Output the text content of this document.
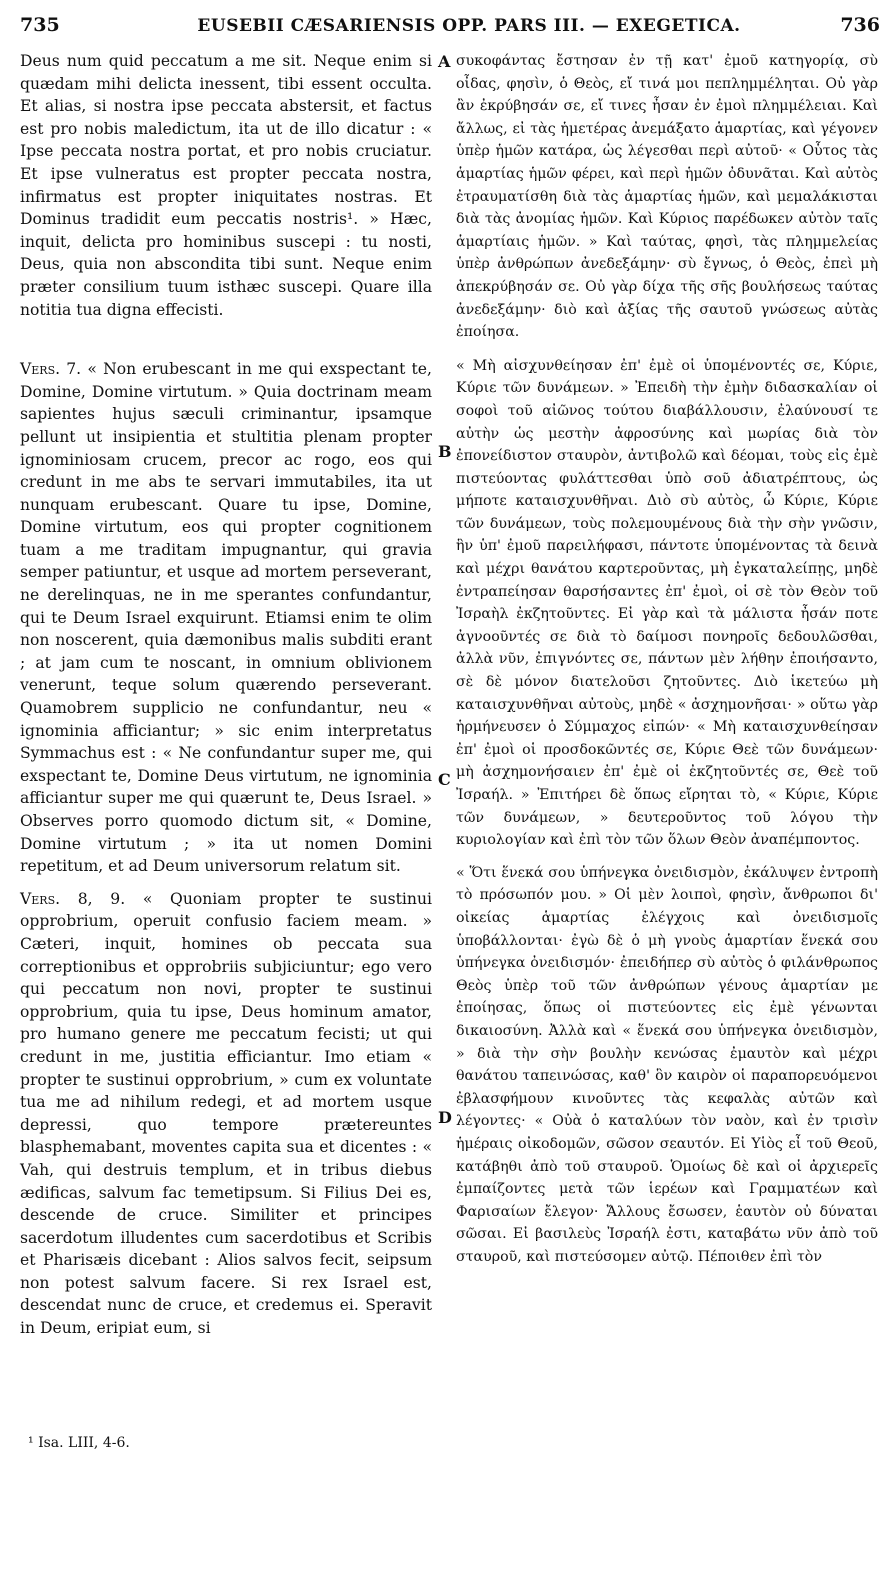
735	EUSEBII CÆSARIENSIS OPP. PARS III. — EXEGETICA.	736

Deus num quid peccatum a me sit. Neque enim si quædam mihi delicta inessent, tibi essent occulta. Et alias, si nostra ipse peccata abstersit, et factus est pro nobis maledictum, ita ut de illo dicatur : « Ipse peccata nostra portat, et pro nobis cruciatur. Et ipse vulneratus est propter peccata nostra, infirmatus est propter iniquitates nostras. Et Dominus tradidit eum peccatis nostris¹. » Hæc, inquit, delicta pro hominibus suscepi : tu nosti, Deus, quia non abscondita tibi sunt. Neque enim præter consilium tuum isthæc suscepi. Quare illa notitia tua digna effecisti.

Vers. 7. « Non erubescant in me qui exspectant te, Domine, Domine virtutum. » Quia doctrinam meam sapientes hujus sæculi criminantur, ipsamque pellunt ut insipientia et stultitia plenam propter ignominiosam crucem, precor ac rogo, eos qui credunt in me abs te servari immutabiles, ita ut nunquam erubescant. Quare tu ipse, Domine, Domine virtutum, eos qui propter cognitionem tuam a me traditam impugnantur, qui gravia semper patiuntur, et usque ad mortem perseverant, ne derelinquas, ne in me sperantes confundantur, qui te Deum Israel exquirunt. Etiamsi enim te olim non noscerent, quia dæmonibus malis subditi erant ; at jam cum te noscant, in omnium oblivionem venerunt, teque solum quærendo perseverant. Quamobrem supplicio ne confundantur, neu « ignominia afficiantur; » sic enim interpretatus Symmachus est : « Ne confundantur super me, qui exspectant te, Domine Deus virtutum, ne ignominia afficiantur super me qui quærunt te, Deus Israel. » Observes porro quomodo dictum sit, « Domine, Domine virtutum ; » ita ut nomen Domini repetitum, et ad Deum universorum relatum sit.

Vers. 8, 9. « Quoniam propter te sustinui opprobrium, operuit confusio faciem meam. » Cæteri, inquit, homines ob peccata sua correptionibus et opprobriis subjiciuntur; ego vero qui peccatum non novi, propter te sustinui opprobrium, quia tu ipse, Deus hominum amator, pro humano genere me peccatum fecisti; ut qui credunt in me, justitia efficiantur. Imo etiam « propter te sustinui opprobrium, » cum ex voluntate tua me ad nihilum redegi, et ad mortem usque depressi, quo tempore prætereuntes blasphemabant, moventes capita sua et dicentes : « Vah, qui destruis templum, et in tribus diebus ædificas, salvum fac temetipsum. Si Filius Dei es, descende de cruce. Similiter et principes sacerdotum illudentes cum sacerdotibus et Scribis et Pharisæis dicebant : Alios salvos fecit, seipsum non potest salvum facere. Si rex Israel est, descendat nunc de cruce, et credemus ei. Speravit in Deum, eripiat eum, si

A
B
C
D

συκοφάντας ἔστησαν ἐν τῇ κατ' ἐμοῦ κατηγορίᾳ, σὺ οἶδας, φησὶν, ὁ Θεὸς, εἴ τινά μοι πεπλημμέληται. Οὐ γὰρ ἂν ἐκρύβησάν σε, εἴ τινες ἦσαν ἐν ἐμοὶ πλημμέλειαι. Καὶ ἄλλως, εἰ τὰς ἡμετέρας ἀνεμάξατο ἁμαρτίας, καὶ γέγονεν ὑπὲρ ἡμῶν κατάρα, ὡς λέγεσθαι περὶ αὐτοῦ· « Οὗτος τὰς ἁμαρτίας ἡμῶν φέρει, καὶ περὶ ἡμῶν ὀδυνᾶται. Καὶ αὐτὸς ἐτραυματίσθη διὰ τὰς ἁμαρτίας ἡμῶν, καὶ μεμαλάκισται διὰ τὰς ἀνομίας ἡμῶν. Καὶ Κύριος παρέδωκεν αὐτὸν ταῖς ἁμαρτίαις ἡμῶν. » Καὶ ταύτας, φησὶ, τὰς πλημμελείας ὑπὲρ ἀνθρώπων ἀνεδεξάμην· σὺ ἔγνως, ὁ Θεὸς, ἐπεὶ μὴ ἀπεκρύβησάν σε. Οὐ γὰρ δίχα τῆς σῆς βουλήσεως ταύτας ἀνεδεξάμην· διὸ καὶ ἀξίας τῆς σαυτοῦ γνώσεως αὐτὰς ἐποίησα.

« Μὴ αἰσχυνθείησαν ἐπ' ἐμὲ οἱ ὑπομένοντές σε, Κύριε, Κύριε τῶν δυνάμεων. » Ἐπειδὴ τὴν ἐμὴν διδασκαλίαν οἱ σοφοὶ τοῦ αἰῶνος τούτου διαβάλλουσιν, ἐλαύνουσί τε αὐτὴν ὡς μεστὴν ἀφροσύνης καὶ μωρίας διὰ τὸν ἐπονείδιστον σταυρὸν, ἀντιβολῶ καὶ δέομαι, τοὺς εἰς ἐμὲ πιστεύοντας φυλάττεσθαι ὑπὸ σοῦ ἀδιατρέπτους, ὡς μήποτε καταισχυνθῆναι. Διὸ σὺ αὐτὸς, ὦ Κύριε, Κύριε τῶν δυνάμεων, τοὺς πολεμουμένους διὰ τὴν σὴν γνῶσιν, ἣν ὑπ' ἐμοῦ παρειλήφασι, πάντοτε ὑπομένοντας τὰ δεινὰ καὶ μέχρι θανάτου καρτεροῦντας, μὴ ἐγκαταλείπῃς, μηδὲ ἐντραπείησαν θαρσήσαντες ἐπ' ἐμοὶ, οἱ σὲ τὸν Θεὸν τοῦ Ἰσραὴλ ἐκζητοῦντες. Εἰ γὰρ καὶ τὰ μάλιστα ἦσάν ποτε ἀγνοοῦντές σε διὰ τὸ δαίμοσι πονηροῖς δεδουλῶσθαι, ἀλλὰ νῦν, ἐπιγνόντες σε, πάντων μὲν λήθην ἐποιήσαντο, σὲ δὲ μόνον διατελοῦσι ζητοῦντες. Διὸ ἱκετεύω μὴ καταισχυνθῆναι αὐτοὺς, μηδὲ « ἀσχημονῆσαι· » οὕτω γὰρ ἡρμήνευσεν ὁ Σύμμαχος εἰπών· « Μὴ καταισχυνθείησαν ἐπ' ἐμοὶ οἱ προσδοκῶντές σε, Κύριε Θεὲ τῶν δυνάμεων· μὴ ἀσχημονήσαιεν ἐπ' ἐμὲ οἱ ἐκζητοῦντές σε, Θεὲ τοῦ Ἰσραήλ. » Ἐπιτήρει δὲ ὅπως εἴρηται τὸ, « Κύριε, Κύριε τῶν δυνάμεων, » δευτεροῦντος τοῦ λόγου τὴν κυριολογίαν καὶ ἐπὶ τὸν τῶν ὅλων Θεὸν ἀναπέμποντος.

« Ὅτι ἕνεκά σου ὑπήνεγκα ὀνειδισμὸν, ἐκάλυψεν ἐντροπὴ τὸ πρόσωπόν μου. » Οἱ μὲν λοιποὶ, φησὶν, ἄνθρωποι δι' οἰκείας ἁμαρτίας ἐλέγχοις καὶ ὀνειδισμοῖς ὑποβάλλονται· ἐγὼ δὲ ὁ μὴ γνοὺς ἁμαρτίαν ἕνεκά σου ὑπήνεγκα ὀνειδισμόν· ἐπειδήπερ σὺ αὐτὸς ὁ φιλάνθρωπος Θεὸς ὑπὲρ τοῦ τῶν ἀνθρώπων γένους ἁμαρτίαν με ἐποίησας, ὅπως οἱ πιστεύοντες εἰς ἐμὲ γένωνται δικαιοσύνη. Ἀλλὰ καὶ « ἕνεκά σου ὑπήνεγκα ὀνειδισμὸν, » διὰ τὴν σὴν βουλὴν κενώσας ἐμαυτὸν καὶ μέχρι θανάτου ταπεινώσας, καθ' ὃν καιρὸν οἱ παραπορευόμενοι ἐβλασφήμουν κινοῦντες τὰς κεφαλὰς αὐτῶν καὶ λέγοντες· « Οὐὰ ὁ καταλύων τὸν ναὸν, καὶ ἐν τρισὶν ἡμέραις οἰκοδομῶν, σῶσον σεαυτόν. Εἰ Υἱὸς εἶ τοῦ Θεοῦ, κατάβηθι ἀπὸ τοῦ σταυροῦ. Ὁμοίως δὲ καὶ οἱ ἀρχιερεῖς ἐμπαίζοντες μετὰ τῶν ἱερέων καὶ Γραμματέων καὶ Φαρισαίων ἔλεγον· Ἄλλους ἔσωσεν, ἑαυτὸν οὐ δύναται σῶσαι. Εἰ βασιλεὺς Ἰσραήλ ἐστι, καταβάτω νῦν ἀπὸ τοῦ σταυροῦ, καὶ πιστεύσομεν αὐτῷ. Πέποιθεν ἐπὶ τὸν

¹ Isa. LIII, 4-6.
